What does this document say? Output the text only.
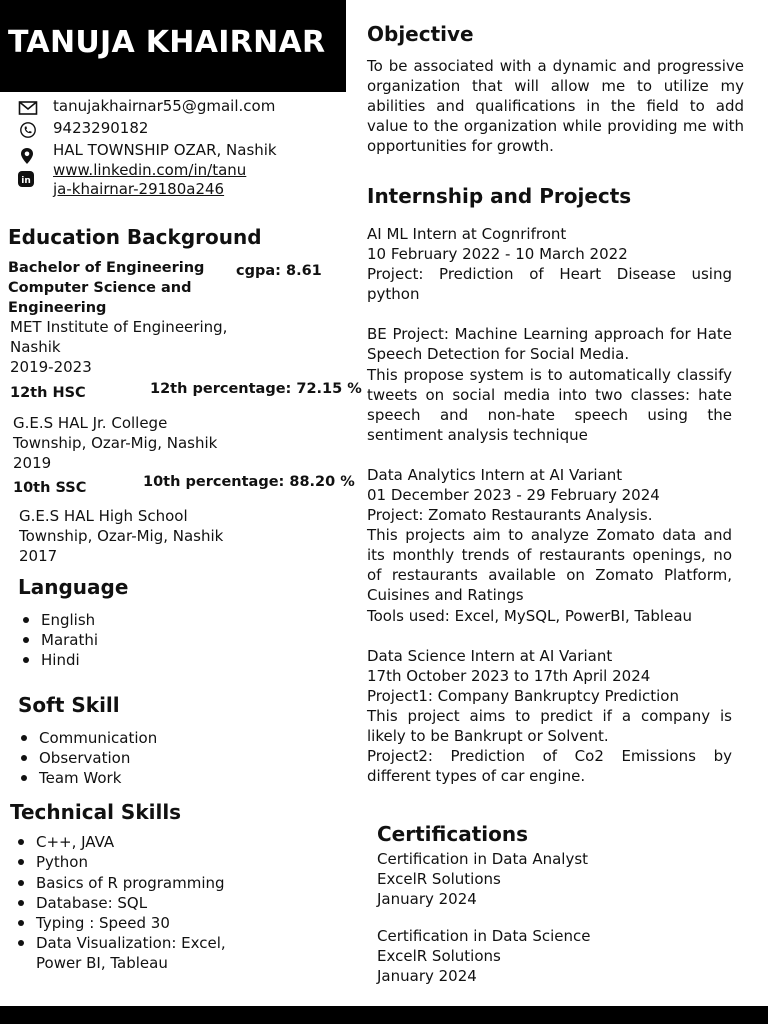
TANUJA KHAIRNAR
tanujakhairnar55@gmail.com
9423290182
HAL TOWNSHIP OZAR, Nashik
in
www.linkedin.com/in/tanu
ja-khairnar-29180a246
Education Background
Bachelor of Engineering
Computer Science and
Engineering
cgpa: 8.61
MET Institute of Engineering,
Nashik
2019-2023
12th HSC	12th percentage: 72.15 %
G.E.S HAL Jr. College
Township, Ozar-Mig, Nashik
2019
10th SSC	10th percentage: 88.20 %
G.E.S HAL High School
Township, Ozar-Mig, Nashik
2017
Language
English
Marathi
Hindi
Soft Skill
Communication
Observation
Team Work
Technical Skills
C++, JAVA
Python
Basics of R programming
Database: SQL
Typing : Speed 30
Data Visualization: Excel,
Power BI, Tableau
Objective
To be associated with a dynamic and progressive organization that will allow me to utilize my abilities and qualifications in the field to add value to the organization while providing me with opportunities for growth.
Internship and Projects
AI ML Intern at Cognrifront
10 February 2022 - 10 March 2022
Project: Prediction of Heart Disease using python
BE Project: Machine Learning approach for Hate Speech Detection for Social Media.
This propose system is to automatically classify tweets on social media into two classes: hate speech and non-hate speech using the sentiment analysis technique
Data Analytics Intern at AI Variant
01 December 2023 - 29 February 2024
Project: Zomato Restaurants Analysis.
This projects aim to analyze Zomato data and its monthly trends of restaurants openings, no of restaurants available on Zomato Platform, Cuisines and Ratings
Tools used: Excel, MySQL, PowerBI, Tableau
Data Science Intern at AI Variant
17th October 2023 to 17th April 2024
Project1: Company Bankruptcy Prediction
This project aims to predict if a company is likely to be Bankrupt or Solvent.
Project2: Prediction of Co2 Emissions by different types of car engine.
Certifications
Certification in Data Analyst
ExcelR Solutions
January 2024
Certification in Data Science
ExcelR Solutions
January 2024
